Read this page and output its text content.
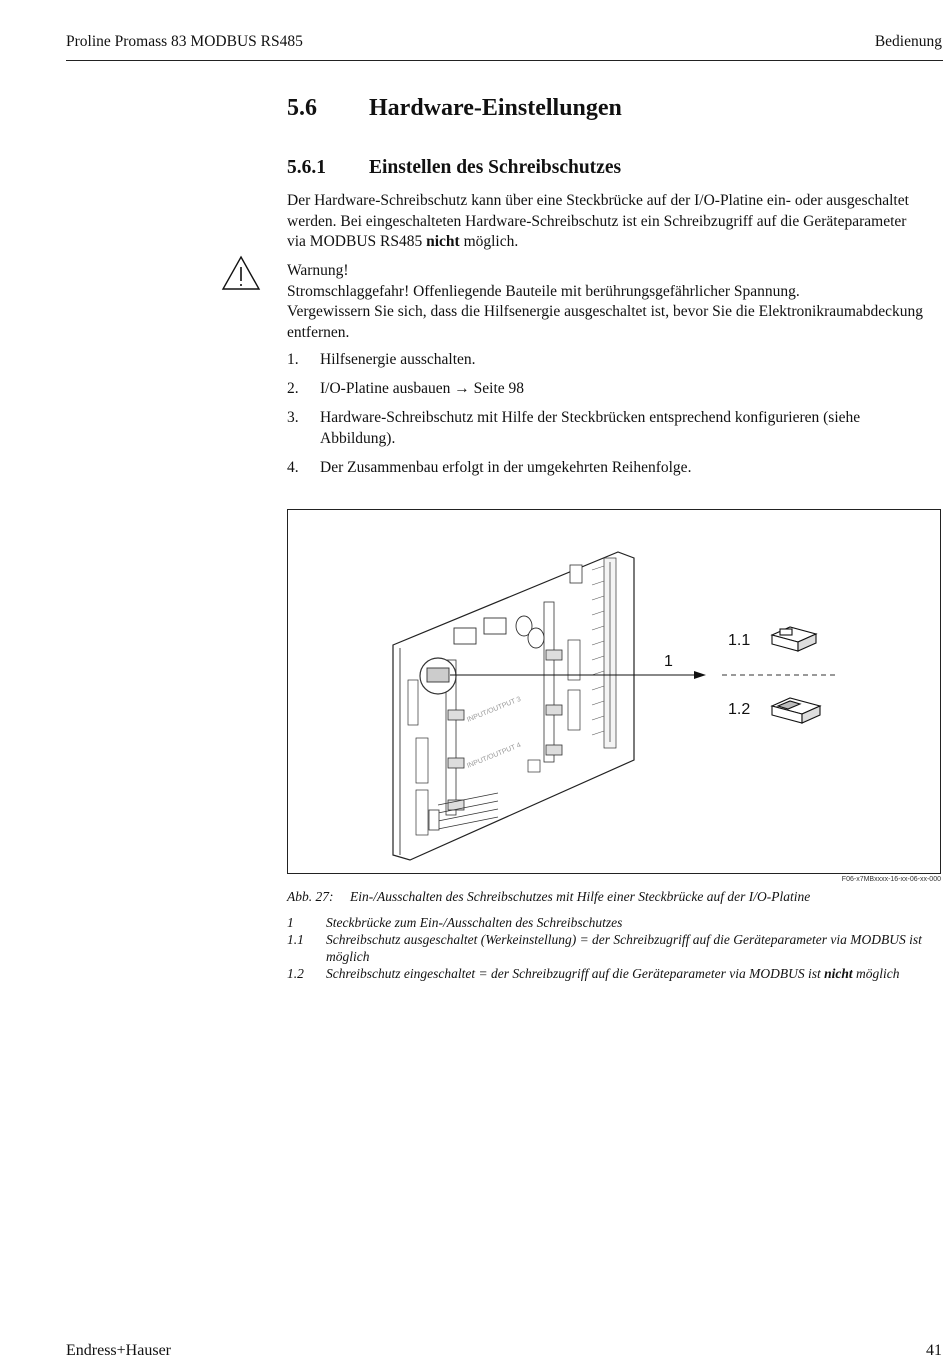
Proline Promass 83 MODBUS RS485	Bedienung
5.6 Hardware-Einstellungen
5.6.1 Einstellen des Schreibschutzes
Der Hardware-Schreibschutz kann über eine Steckbrücke auf der I/O-Platine ein- oder ausgeschaltet werden. Bei eingeschalteten Hardware-Schreibschutz ist ein Schreibzugriff auf die Geräteparameter via MODBUS RS485 nicht möglich.
Warnung!
Stromschlaggefahr! Offenliegende Bauteile mit berührungsgefährlicher Spannung.
Vergewissern Sie sich, dass die Hilfsenergie ausgeschaltet ist, bevor Sie die Elektronikraumabdeckung entfernen.
1.	Hilfsenergie ausschalten.
2.	I/O-Platine ausbauen → Seite 98
3.	Hardware-Schreibschutz mit Hilfe der Steckbrücken entsprechend konfigurieren (siehe Abbildung).
4.	Der Zusammenbau erfolgt in der umgekehrten Reihenfolge.
INPUT/OUTPUT 3
INPUT/OUTPUT 4
1
1.1
1.2
F06-x7MBxxxx-16-xx-06-xx-000
Abb. 27: Ein-/Ausschalten des Schreibschutzes mit Hilfe einer Steckbrücke auf der I/O-Platine
1	Steckbrücke zum Ein-/Ausschalten des Schreibschutzes
1.1	Schreibschutz ausgeschaltet (Werkeinstellung) = der Schreibzugriff auf die Geräteparameter via MODBUS ist möglich
1.2	Schreibschutz eingeschaltet = der Schreibzugriff auf die Geräteparameter via MODBUS ist nicht möglich
Endress+Hauser	41
